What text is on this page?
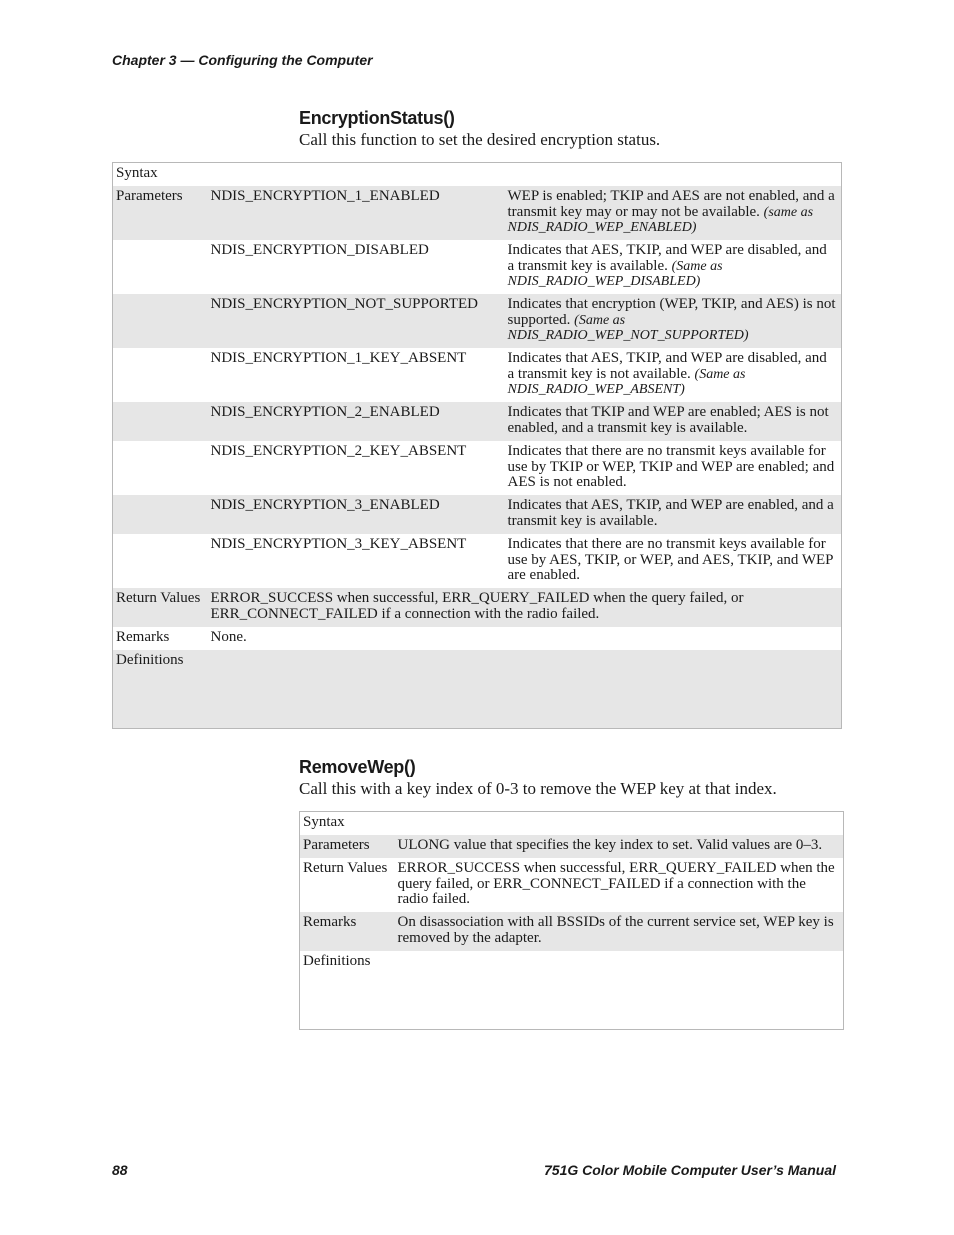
Chapter 3 — Configuring the Computer
EncryptionStatus()
Call this function to set the desired encryption status.
Syntax		
Parameters	NDIS_ENCRYPTION_1_ENABLED	WEP is enabled; TKIP and AES are not enabled, and a transmit key may or may not be available. (same as NDIS_RADIO_WEP_ENABLED)
	NDIS_ENCRYPTION_DISABLED	Indicates that AES, TKIP, and WEP are disabled, and a transmit key is available. (Same as NDIS_RADIO_WEP_DISABLED)
	NDIS_ENCRYPTION_NOT_SUPPORTED	Indicates that encryption (WEP, TKIP, and AES) is not supported. (Same as NDIS_RADIO_WEP_NOT_SUPPORTED)
	NDIS_ENCRYPTION_1_KEY_ABSENT	Indicates that AES, TKIP, and WEP are disabled, and a transmit key is not available. (Same as NDIS_RADIO_WEP_ABSENT)
	NDIS_ENCRYPTION_2_ENABLED	Indicates that TKIP and WEP are enabled; AES is not enabled, and a transmit key is available.
	NDIS_ENCRYPTION_2_KEY_ABSENT	Indicates that there are no transmit keys available for use by TKIP or WEP, TKIP and WEP are enabled; and AES is not enabled.
	NDIS_ENCRYPTION_3_ENABLED	Indicates that AES, TKIP, and WEP are enabled, and a transmit key is available.
	NDIS_ENCRYPTION_3_KEY_ABSENT	Indicates that there are no transmit keys available for use by AES, TKIP, or WEP, and AES, TKIP, and WEP are enabled.
Return Values	ERROR_SUCCESS when successful, ERR_QUERY_FAILED when the query failed, or ERR_CONNECT_FAILED if a connection with the radio failed.	
Remarks	None.	
Definitions		
RemoveWep()
Call this with a key index of 0-3 to remove the WEP key at that index.
Syntax	
Parameters	ULONG value that specifies the key index to set. Valid values are 0–3.
Return Values	ERROR_SUCCESS when successful, ERR_QUERY_FAILED when the query failed, or ERR_CONNECT_FAILED if a connection with the radio failed.
Remarks	On disassociation with all BSSIDs of the current service set, WEP key is removed by the adapter.
Definitions	
88	751G Color Mobile Computer User’s Manual
